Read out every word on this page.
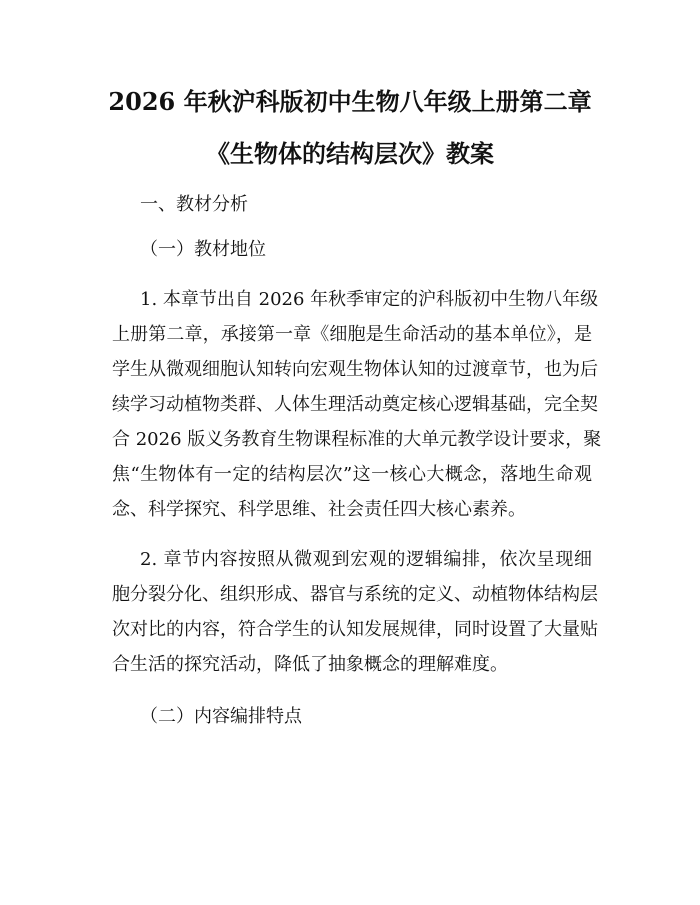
2026 年秋沪科版初中生物八年级上册第二章
《生物体的结构层次》教案
一、教材分析
（一）教材地位
1. 本章节出自 2026 年秋季审定的沪科版初中生物八年级
上册第二章，承接第一章《细胞是生命活动的基本单位》，是
学生从微观细胞认知转向宏观生物体认知的过渡章节，也为后
续学习动植物类群、人体生理活动奠定核心逻辑基础，完全契
合 2026 版义务教育生物课程标准的大单元教学设计要求，聚
焦“生物体有一定的结构层次”这一核心大概念，落地生命观
念、科学探究、科学思维、社会责任四大核心素养。
2. 章节内容按照从微观到宏观的逻辑编排，依次呈现细
胞分裂分化、组织形成、器官与系统的定义、动植物体结构层
次对比的内容，符合学生的认知发展规律，同时设置了大量贴
合生活的探究活动，降低了抽象概念的理解难度。
（二）内容编排特点
